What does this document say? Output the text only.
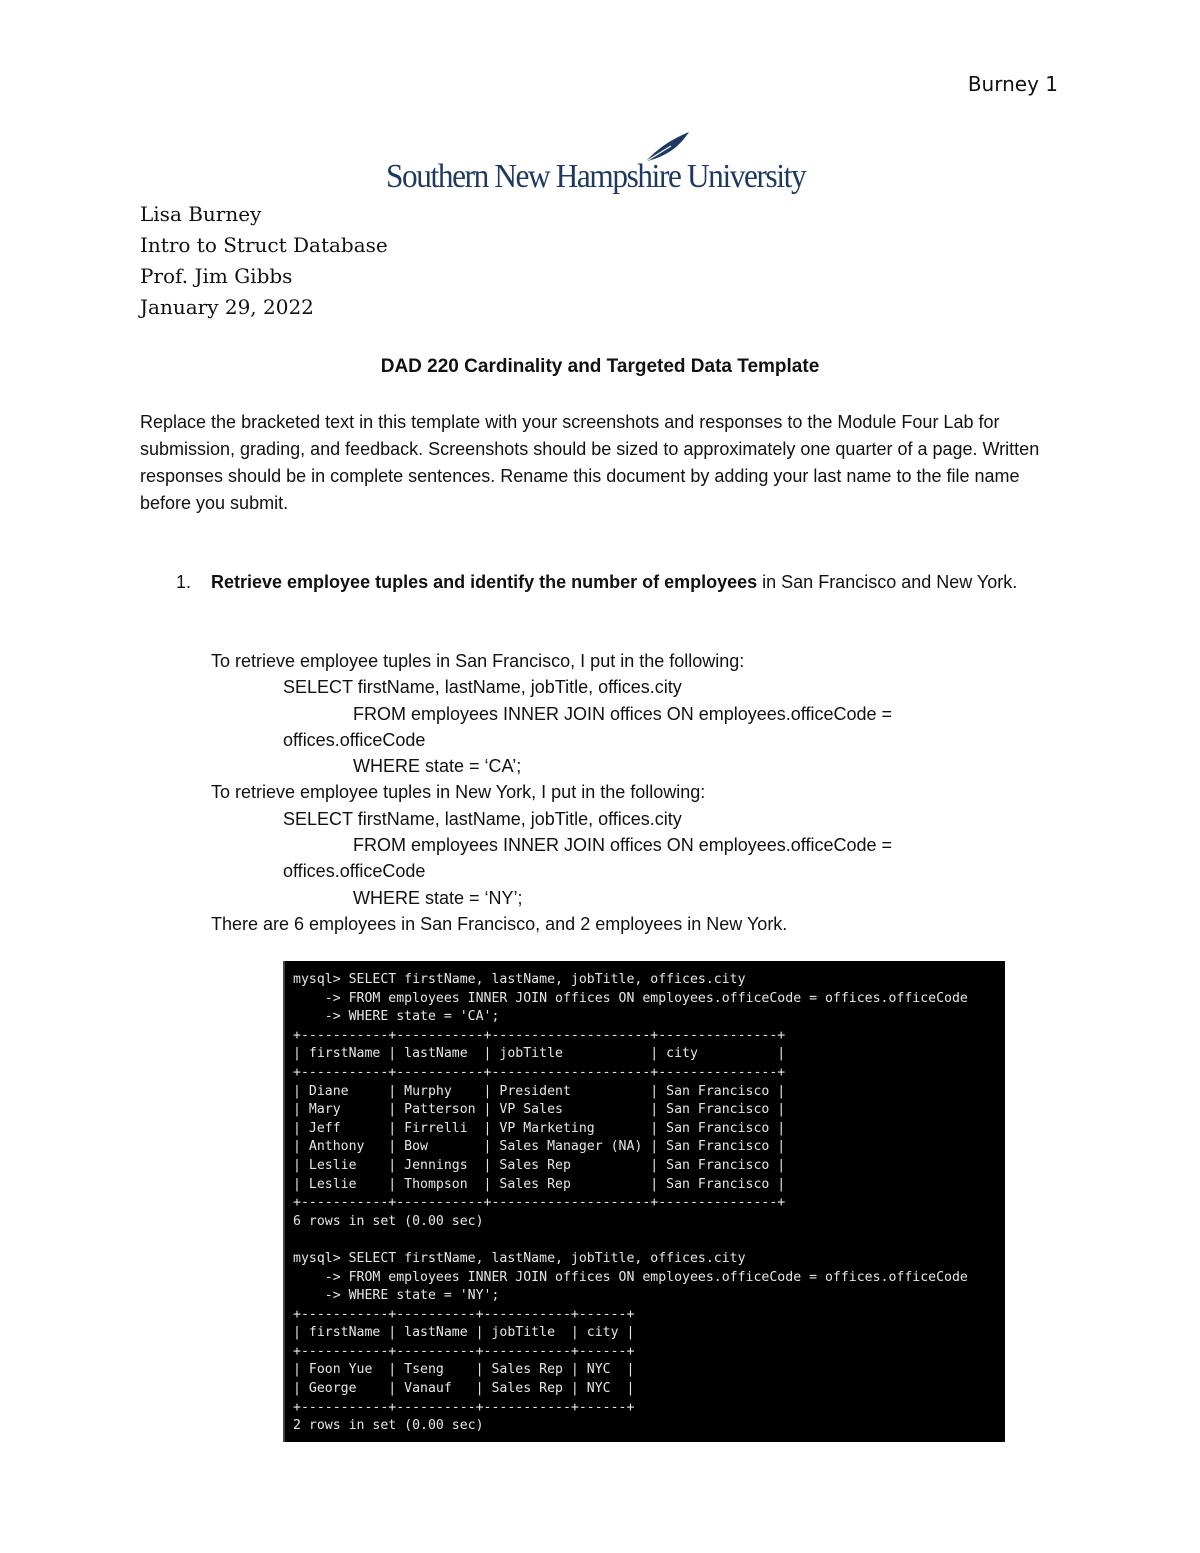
Burney 1
Southern New Hampshire University
Lisa Burney
Intro to Struct Database
Prof. Jim Gibbs
January 29, 2022
DAD 220 Cardinality and Targeted Data Template
Replace the bracketed text in this template with your screenshots and responses to the Module Four Lab for submission, grading, and feedback. Screenshots should be sized to approximately one quarter of a page. Written responses should be in complete sentences. Rename this document by adding your last name to the file name before you submit.
1. Retrieve employee tuples and identify the number of employees in San Francisco and New York.
To retrieve employee tuples in San Francisco, I put in the following:
SELECT firstName, lastName, jobTitle, offices.city
FROM employees INNER JOIN offices ON employees.officeCode =
offices.officeCode
WHERE state = ‘CA’;
To retrieve employee tuples in New York, I put in the following:
SELECT firstName, lastName, jobTitle, offices.city
FROM employees INNER JOIN offices ON employees.officeCode =
offices.officeCode
WHERE state = ‘NY’;
There are 6 employees in San Francisco, and 2 employees in New York.
mysql> SELECT firstName, lastName, jobTitle, offices.city
-> FROM employees INNER JOIN offices ON employees.officeCode = offices.officeCode
-> WHERE state = 'CA';
+-----------+-----------+--------------------+---------------+
| firstName | lastName  | jobTitle           | city          |
+-----------+-----------+--------------------+---------------+
| Diane     | Murphy    | President          | San Francisco |
| Mary      | Patterson | VP Sales           | San Francisco |
| Jeff      | Firrelli  | VP Marketing       | San Francisco |
| Anthony   | Bow       | Sales Manager (NA) | San Francisco |
| Leslie    | Jennings  | Sales Rep          | San Francisco |
| Leslie    | Thompson  | Sales Rep          | San Francisco |
+-----------+-----------+--------------------+---------------+
6 rows in set (0.00 sec)

mysql> SELECT firstName, lastName, jobTitle, offices.city
-> FROM employees INNER JOIN offices ON employees.officeCode = offices.officeCode
-> WHERE state = 'NY';
+-----------+----------+-----------+------+
| firstName | lastName | jobTitle  | city |
+-----------+----------+-----------+------+
| Foon Yue  | Tseng    | Sales Rep | NYC  |
| George    | Vanauf   | Sales Rep | NYC  |
+-----------+----------+-----------+------+
2 rows in set (0.00 sec)
